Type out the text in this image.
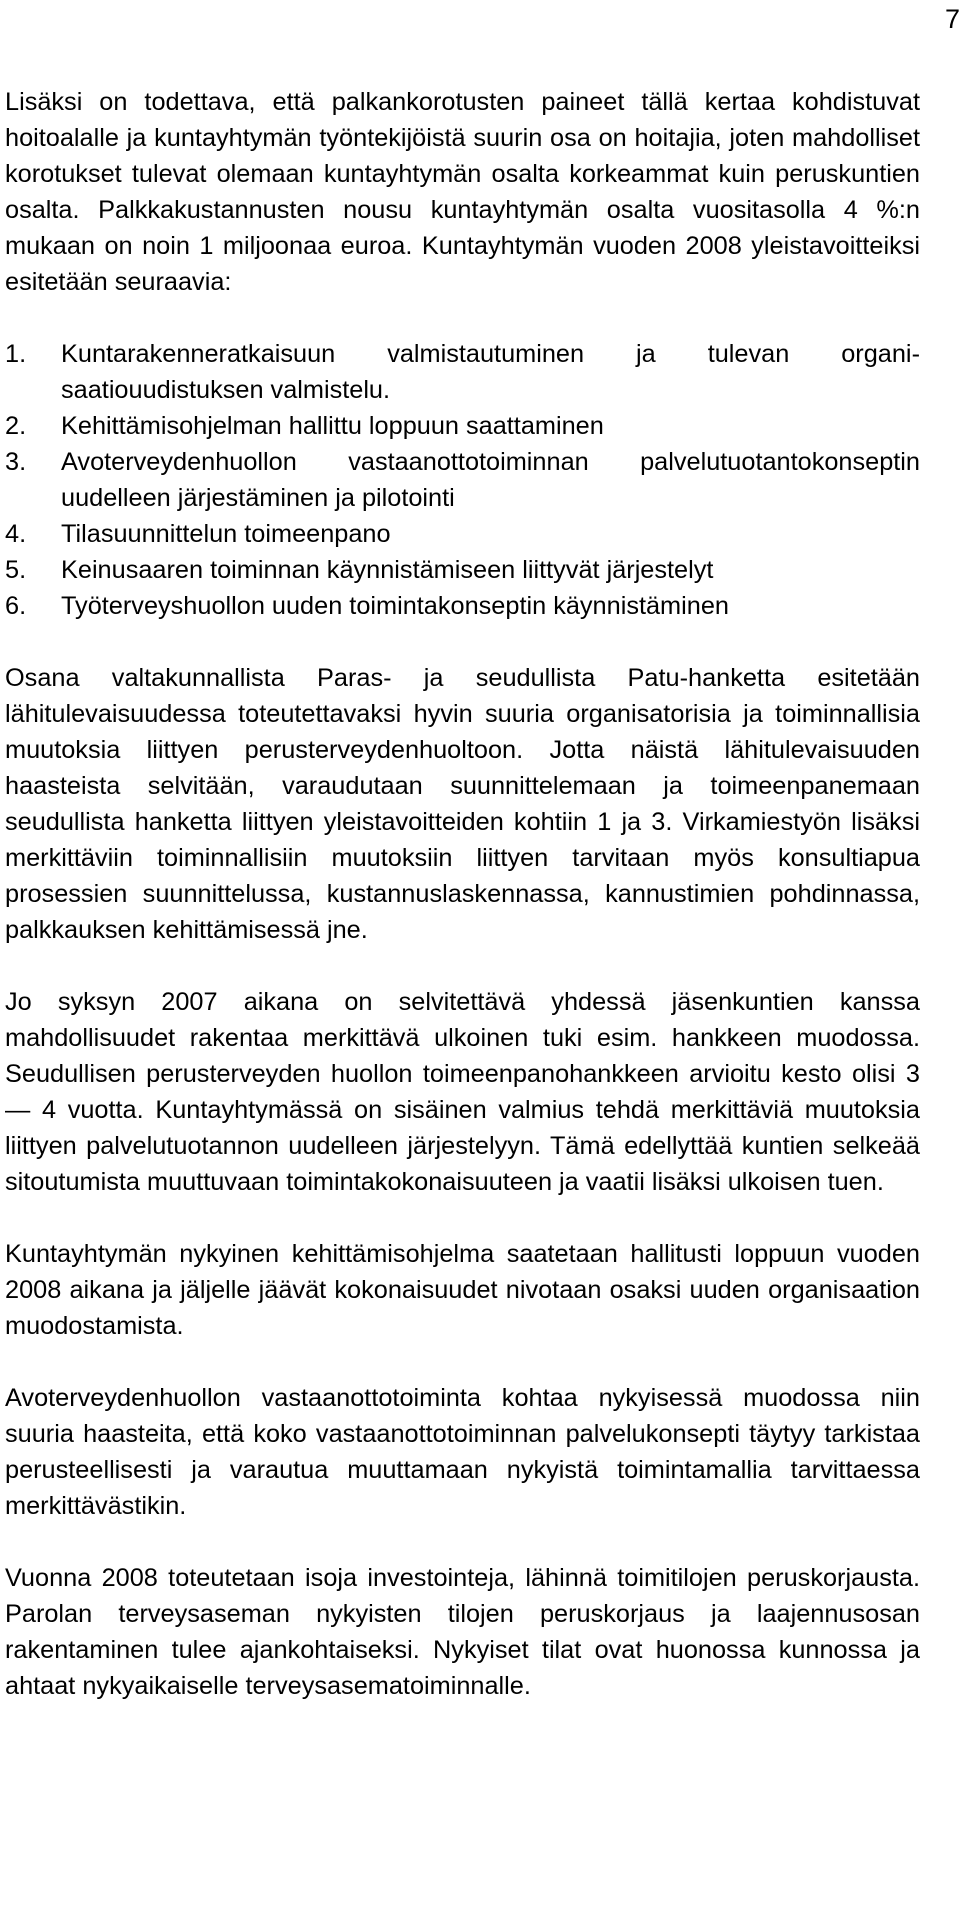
7

Lisäksi on todettava, että palkankorotusten paineet tällä kertaa kohdistuvat hoitoalalle ja kuntayhtymän työntekijöistä suurin osa on hoitajia, joten mahdolliset korotukset tulevat olemaan kuntayhtymän osalta korkeammat kuin peruskuntien osalta. Palkkakustannusten nousu kuntayhtymän osalta vuositasolla 4 %:n mukaan on noin 1 miljoonaa euroa. Kuntayhtymän vuoden 2008 yleistavoitteiksi esitetään seuraavia:

1.	Kuntarakenneratkaisuun valmistautuminen ja tulevan organisaatiouudistuksen valmistelu.
2.	Kehittämisohjelman hallittu loppuun saattaminen
3.	Avoterveydenhuollon vastaanottotoiminnan palvelutuotantokonseptin uudelleen järjestäminen ja pilotointi
4.	Tilasuunnittelun toimeenpano
5.	Keinusaaren toiminnan käynnistämiseen liittyvät järjestelyt
6.	Työterveyshuollon uuden toimintakonseptin käynnistäminen

Osana valtakunnallista Paras- ja seudullista Patu-hanketta esitetään lähitulevaisuudessa toteutettavaksi hyvin suuria organisatorisia ja toiminnallisia muutoksia liittyen perusterveydenhuoltoon. Jotta näistä lähitulevaisuuden haasteista selvitään, varaudutaan suunnittelemaan ja toimeenpanemaan seudullista hanketta liittyen yleistavoitteiden kohtiin 1 ja 3. Virkamiestyön lisäksi merkittäviin toiminnallisiin muutoksiin liittyen tarvitaan myös konsultiapua prosessien suunnittelussa, kustannuslaskennassa, kannustimien pohdinnassa, palkkauksen kehittämisessä jne.

Jo syksyn 2007 aikana on selvitettävä yhdessä jäsenkuntien kanssa mahdollisuudet rakentaa merkittävä ulkoinen tuki esim. hankkeen muodossa. Seudullisen perusterveyden huollon toimeenpanohankkeen arvioitu kesto olisi 3 — 4 vuotta. Kuntayhtymässä on sisäinen valmius tehdä merkittäviä muutoksia liittyen palvelutuotannon uudelleen järjestelyyn. Tämä edellyttää kuntien selkeää sitoutumista muuttuvaan toimintakokonaisuuteen ja vaatii lisäksi ulkoisen tuen.

Kuntayhtymän nykyinen kehittämisohjelma saatetaan hallitusti loppuun vuoden 2008 aikana ja jäljelle jäävät kokonaisuudet nivotaan osaksi uuden organisaation muodostamista.

Avoterveydenhuollon vastaanottotoiminta kohtaa nykyisessä muodossa niin suuria haasteita, että koko vastaanottotoiminnan palvelukonsepti täytyy tarkistaa perusteellisesti ja varautua muuttamaan nykyistä toimintamallia tarvittaessa merkittävästikin.

Vuonna 2008 toteutetaan isoja investointeja, lähinnä toimitilojen peruskorjausta. Parolan terveysaseman nykyisten tilojen peruskorjaus ja laajennusosan rakentaminen tulee ajankohtaiseksi. Nykyiset tilat ovat huonossa kunnossa ja ahtaat nykyaikaiselle terveysasematoiminnalle.
